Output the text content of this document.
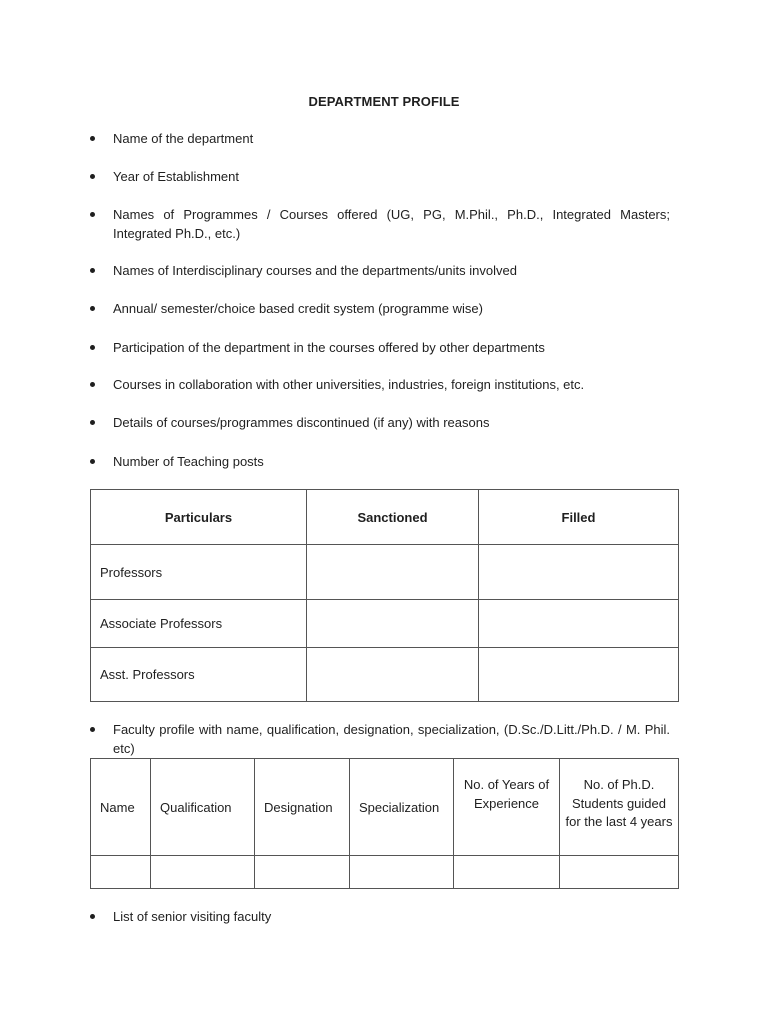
DEPARTMENT PROFILE
Name of the department
Year of Establishment
Names of Programmes / Courses offered (UG, PG, M.Phil., Ph.D., Integrated Masters; Integrated Ph.D., etc.)
Names of Interdisciplinary courses and the departments/units involved
Annual/ semester/choice based credit system (programme wise)
Participation of the department in the courses offered by other departments
Courses in collaboration with other universities, industries, foreign institutions, etc.
Details of courses/programmes discontinued (if any) with reasons
Number of Teaching posts
Particulars	Sanctioned	Filled
Professors		
Associate Professors		
Asst. Professors		
Faculty profile with name, qualification, designation, specialization, (D.Sc./D.Litt./Ph.D. / M. Phil. etc)
Name	Qualification	Designation	Specialization	No. of Years of Experience	No. of Ph.D. Students guided for the last 4 years

List of senior visiting faculty
